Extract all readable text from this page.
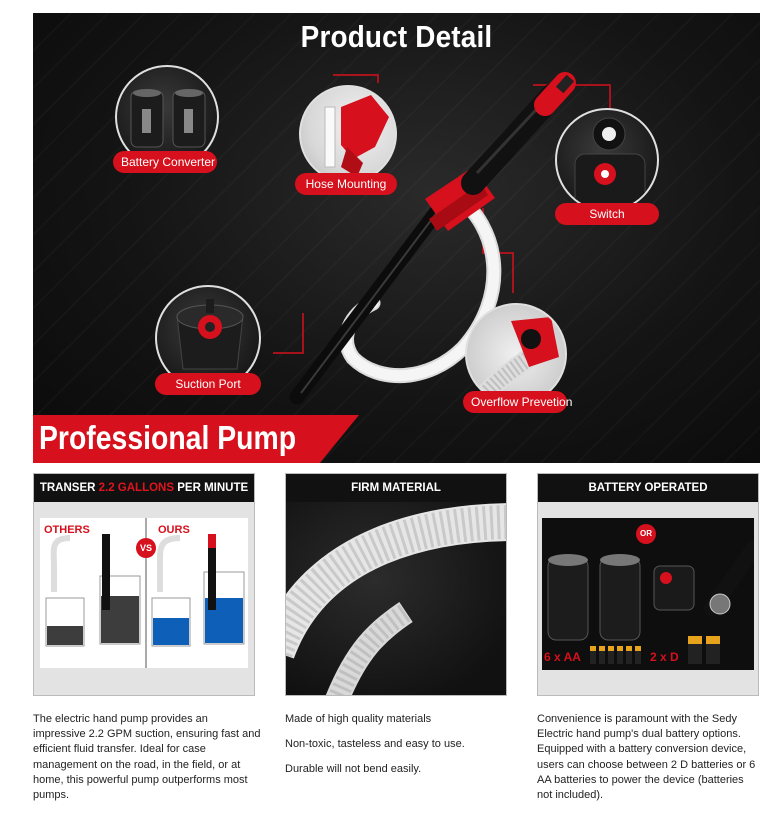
Product Detail
Battery Converter
Hose Mounting
Switch
Suction Port
Overflow Prevetion
Professional Pump
TRANSER 2.2 GALLONS PER MINUTE
OTHERS	OURS
VS
FIRM MATERIAL	BATTERY OPERATED
OR
6 x AA	2 x D

The electric hand pump provides an impressive 2.2 GPM suction, ensuring fast and efficient fluid transfer. Ideal for case management on the road, in the field, or at home, this powerful pump outperforms most pumps.

Made of high quality materials

Non-toxic, tasteless and easy to use.

Durable will not bend easily.

Convenience is paramount with the Sedy Electric hand pump's dual battery options. Equipped with a battery conversion device, users can choose between 2 D batteries or 6 AA batteries to power the device (batteries not included).
